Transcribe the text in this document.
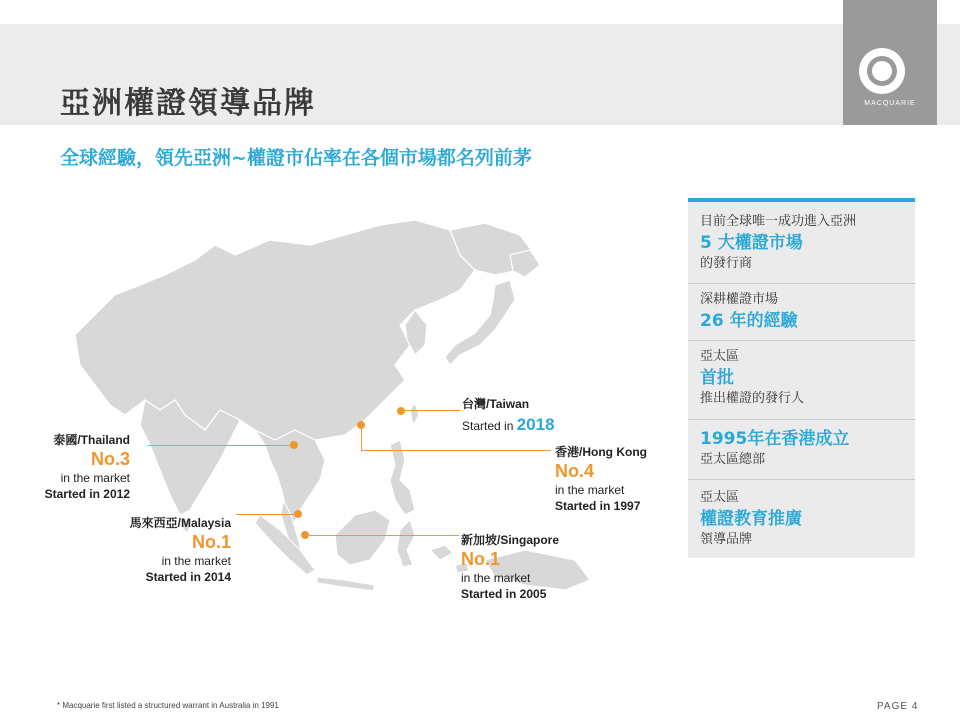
亞洲權證領導品牌	MACQUARIE
全球經驗，領先亞洲~權證市佔率在各個市場都名列前茅
台灣/Taiwan
Started in 2018
泰國/Thailand
No.3
in the market
Started in 2012
香港/Hong Kong
No.4
in the market
Started in 1997
馬來西亞/Malaysia
No.1
in the market
Started in 2014
新加坡/Singapore
No.1
in the market
Started in 2005
目前全球唯一成功進入亞洲
5 大權證市場
的發行商
深耕權證市場
26 年的經驗
亞太區
首批
推出權證的發行人
1995年在香港成立
亞太區總部
亞太區
權證教育推廣
領導品牌
* Macquarie first listed a structured warrant in Australia in 1991	PAGE 4
